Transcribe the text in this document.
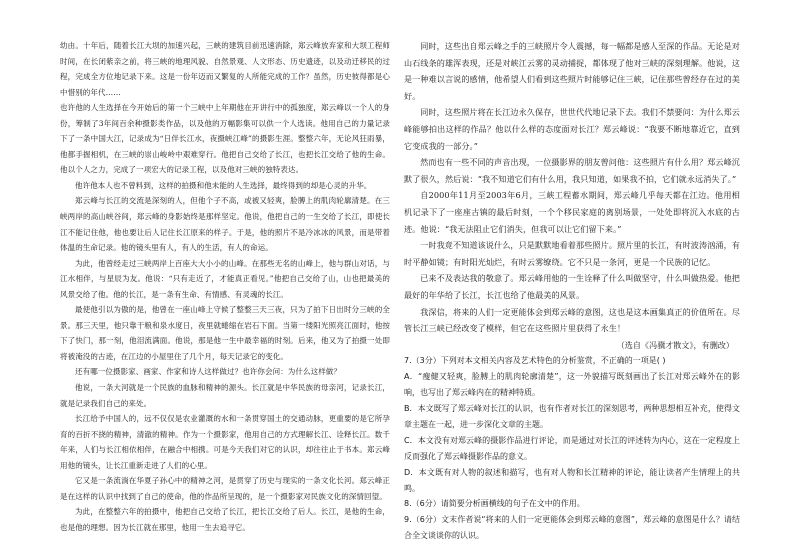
幼由。十年后，随着长江大坝的加速兴起，三峡的建筑目前迅速消除，郑云峰放弃家和大坝工程师时间，在长闭紫亲之前，将三峡的地理风貌、自然景观、人文形态、历史遗迹，以及动迁移民的过程，完成全方位地记录下来。这是一份年迈而又繁复的人所能完成的工作？虽然，历史彼得都是心中惜别的年代……

也许他的人生选择在今开始后的第一个三峡中上年期他在开讲行中的孤独度，郑云峰以一个人的身份，筹制了3年间百余种摄影类作品，以及他的万幅影集可以供一个人选读。他用自己的力量记录下了一条中国大江，记录成为“日伴长江水，夜摄峡江峰”的摄影生涯。整整六年，无论风狂雨暴，他都手握相机，在三峡的崇山峻岭中艰难穿行。他把自己交给了长江，也把长江交给了他的生命。他以个人之力，完成了一项宏大的记录工程，以及他对三峡的独特表达。

他许他本人也不曾料到，这样的拍摄和他未能的人生选择，最终得到的却是心灵的升华。

郑云峰与长江的交流是深刻的人，但他个子不高，或被又轻爽，脸膊上的肌肉轮廓清楚。在三峡两岸的高山峡谷间，郑云峰的身影始终是那样坚定。他说，他把自己的一生交给了长江，即使长江不能记住他，他也要让后人记住长江原来的样子。于是，他的照片不是冷冰冰的风景，而是带着体温的生命记录。他的镜头里有人，有人的生活，有人的命运。

为此，他曾经走过三峡两岸上百座大大小小的山峰。在那些无名的山峰上，他与群山对话，与江水相伴，与星辰为友。他说：“只有走近了，才能真正看见。”他把自己交给了山，山也把最美的风景交给了他。他的长江，是一条有生命、有情感、有灵魂的长江。

最使他引以为傲的是，他曾在一座山峰上守候了整整三天三夜，只为了拍下日出时分三峡的全景。那三天里，他只靠干粮和泉水度日，夜里就蜷缩在岩石下面。当第一缕阳光照亮江面时，他按下了快门，那一刻，他泪流满面。他说，那是他一生中最幸福的时刻。后来，他又为了拍摄一处即将被淹没的古迹，在江边的小屋里住了几个月，每天记录它的变化。

还有哪一位摄影家、画家、作家和诗人这样做过？也许你会问：为什么这样做？

他说，一条大河就是一个民族的血脉和精神的源头。长江就是中华民族的母亲河，记录长江，就是记录我们自己的来处。

长江给予中国人的，远不仅仅是农业灌溉的水和一条贯穿国土的交通动脉，更重要的是它所孕育的百折不挠的精神，清澈的精神。作为一个摄影家，他用自己的方式理解长江、诠释长江。数千年来，人们与长江相依相伴，在融合中相携。可是今天我们对它的认识，却往往止于书本。郑云峰用他的镜头，让长江重新走进了人们的心里。

它又是一条流淌在华夏子孙心中的精神之河，是贯穿了历史与现实的一条文化长河。郑云峰正是在这样的认识中找到了自己的使命，他的作品所呈现的，是一个摄影家对民族文化的深情回望。

为此，在整整六年的拍摄中，他把自己交给了长江，把长江交给了后人。长江，是他的生命，也是他的理想。因为长江就在那里，他用一生去追寻它。

同时，这些出自郑云峰之手的三峡照片令人震撼，每一幅都是感人至深的作品。无论是对山石线条的雄浑表现，还是对峡江云雾的灵动捕捉，都体现了他对三峡的深刻理解。他说，这是一种难以言说的感情，他希望人们看到这些照片时能够记住三峡，记住那些曾经存在过的美好。

同时，这些照片将在长江边永久保存，世世代代地记录下去。我们不禁要问：为什么郑云峰能够拍出这样的作品？他以什么样的态度面对长江？郑云峰说：“我要不断地靠近它，直到它变成我的一部分。”

然而也有一些不同的声音出现，一位摄影界的朋友曾问他：这些照片有什么用？郑云峰沉默了很久，然后说：“我不知道它们有什么用，我只知道，如果我不拍，它们就永远消失了。”

自2000年11月至2003年6月，三峡工程蓄水期间，郑云峰几乎每天都在江边。他用相机记录下了一座座古镇的最后时刻，一个个移民家庭的离别场景，一处处即将沉入水底的古迹。他说：“我无法阻止它们消失，但我可以让它们留下来。”

一时我竟不知道该说什么，只是默默地看着那些照片。照片里的长江，有时波涛汹涌，有时平静如镜；有时阳光灿烂，有时云雾缭绕。它不只是一条河，更是一个民族的记忆。

已来不及表达我的敬意了。郑云峰用他的一生诠释了什么叫做坚守，什么叫做热爱。他把最好的年华给了长江，长江也给了他最美的风景。

我深信，将来的人们一定更能体会到郑云峰的意图，这也是这本画集真正的价值所在。尽管长江三峡已经改变了模样，但它在这些照片里获得了永生！

（选自《冯骥才散文》，有删改）

7.（3分）下列对本文相关内容及艺术特色的分析鉴赏，不正确的一项是( )

A．“瘦健又轻爽，脸膊上的肌肉轮廓清楚”，这一外貌描写既刻画出了长江对郑云峰外在的影响，也写出了郑云峰内在的精神特质。

B．本文既写了郑云峰对长江的认识，也有作者对长江的深刻思考，两种思想相互补充，使得文章主题在一起，进一步深化文章的主题。

C．本文没有对郑云峰的摄影作品进行评论，而是通过对长江的评述转为内心，这在一定程度上反而强化了郑云峰摄影作品的意义。

D．本文既有对人物的叙述和描写，也有对人物和长江精神的评论，能让读者产生情理上的共鸣。

8.（6分）请简要分析画横线的句子在文中的作用。

9.（6分）文末作者说“将来的人们一定更能体会到郑云峰的意图”，郑云峰的意图是什么？请结合全文谈谈你的认识。
